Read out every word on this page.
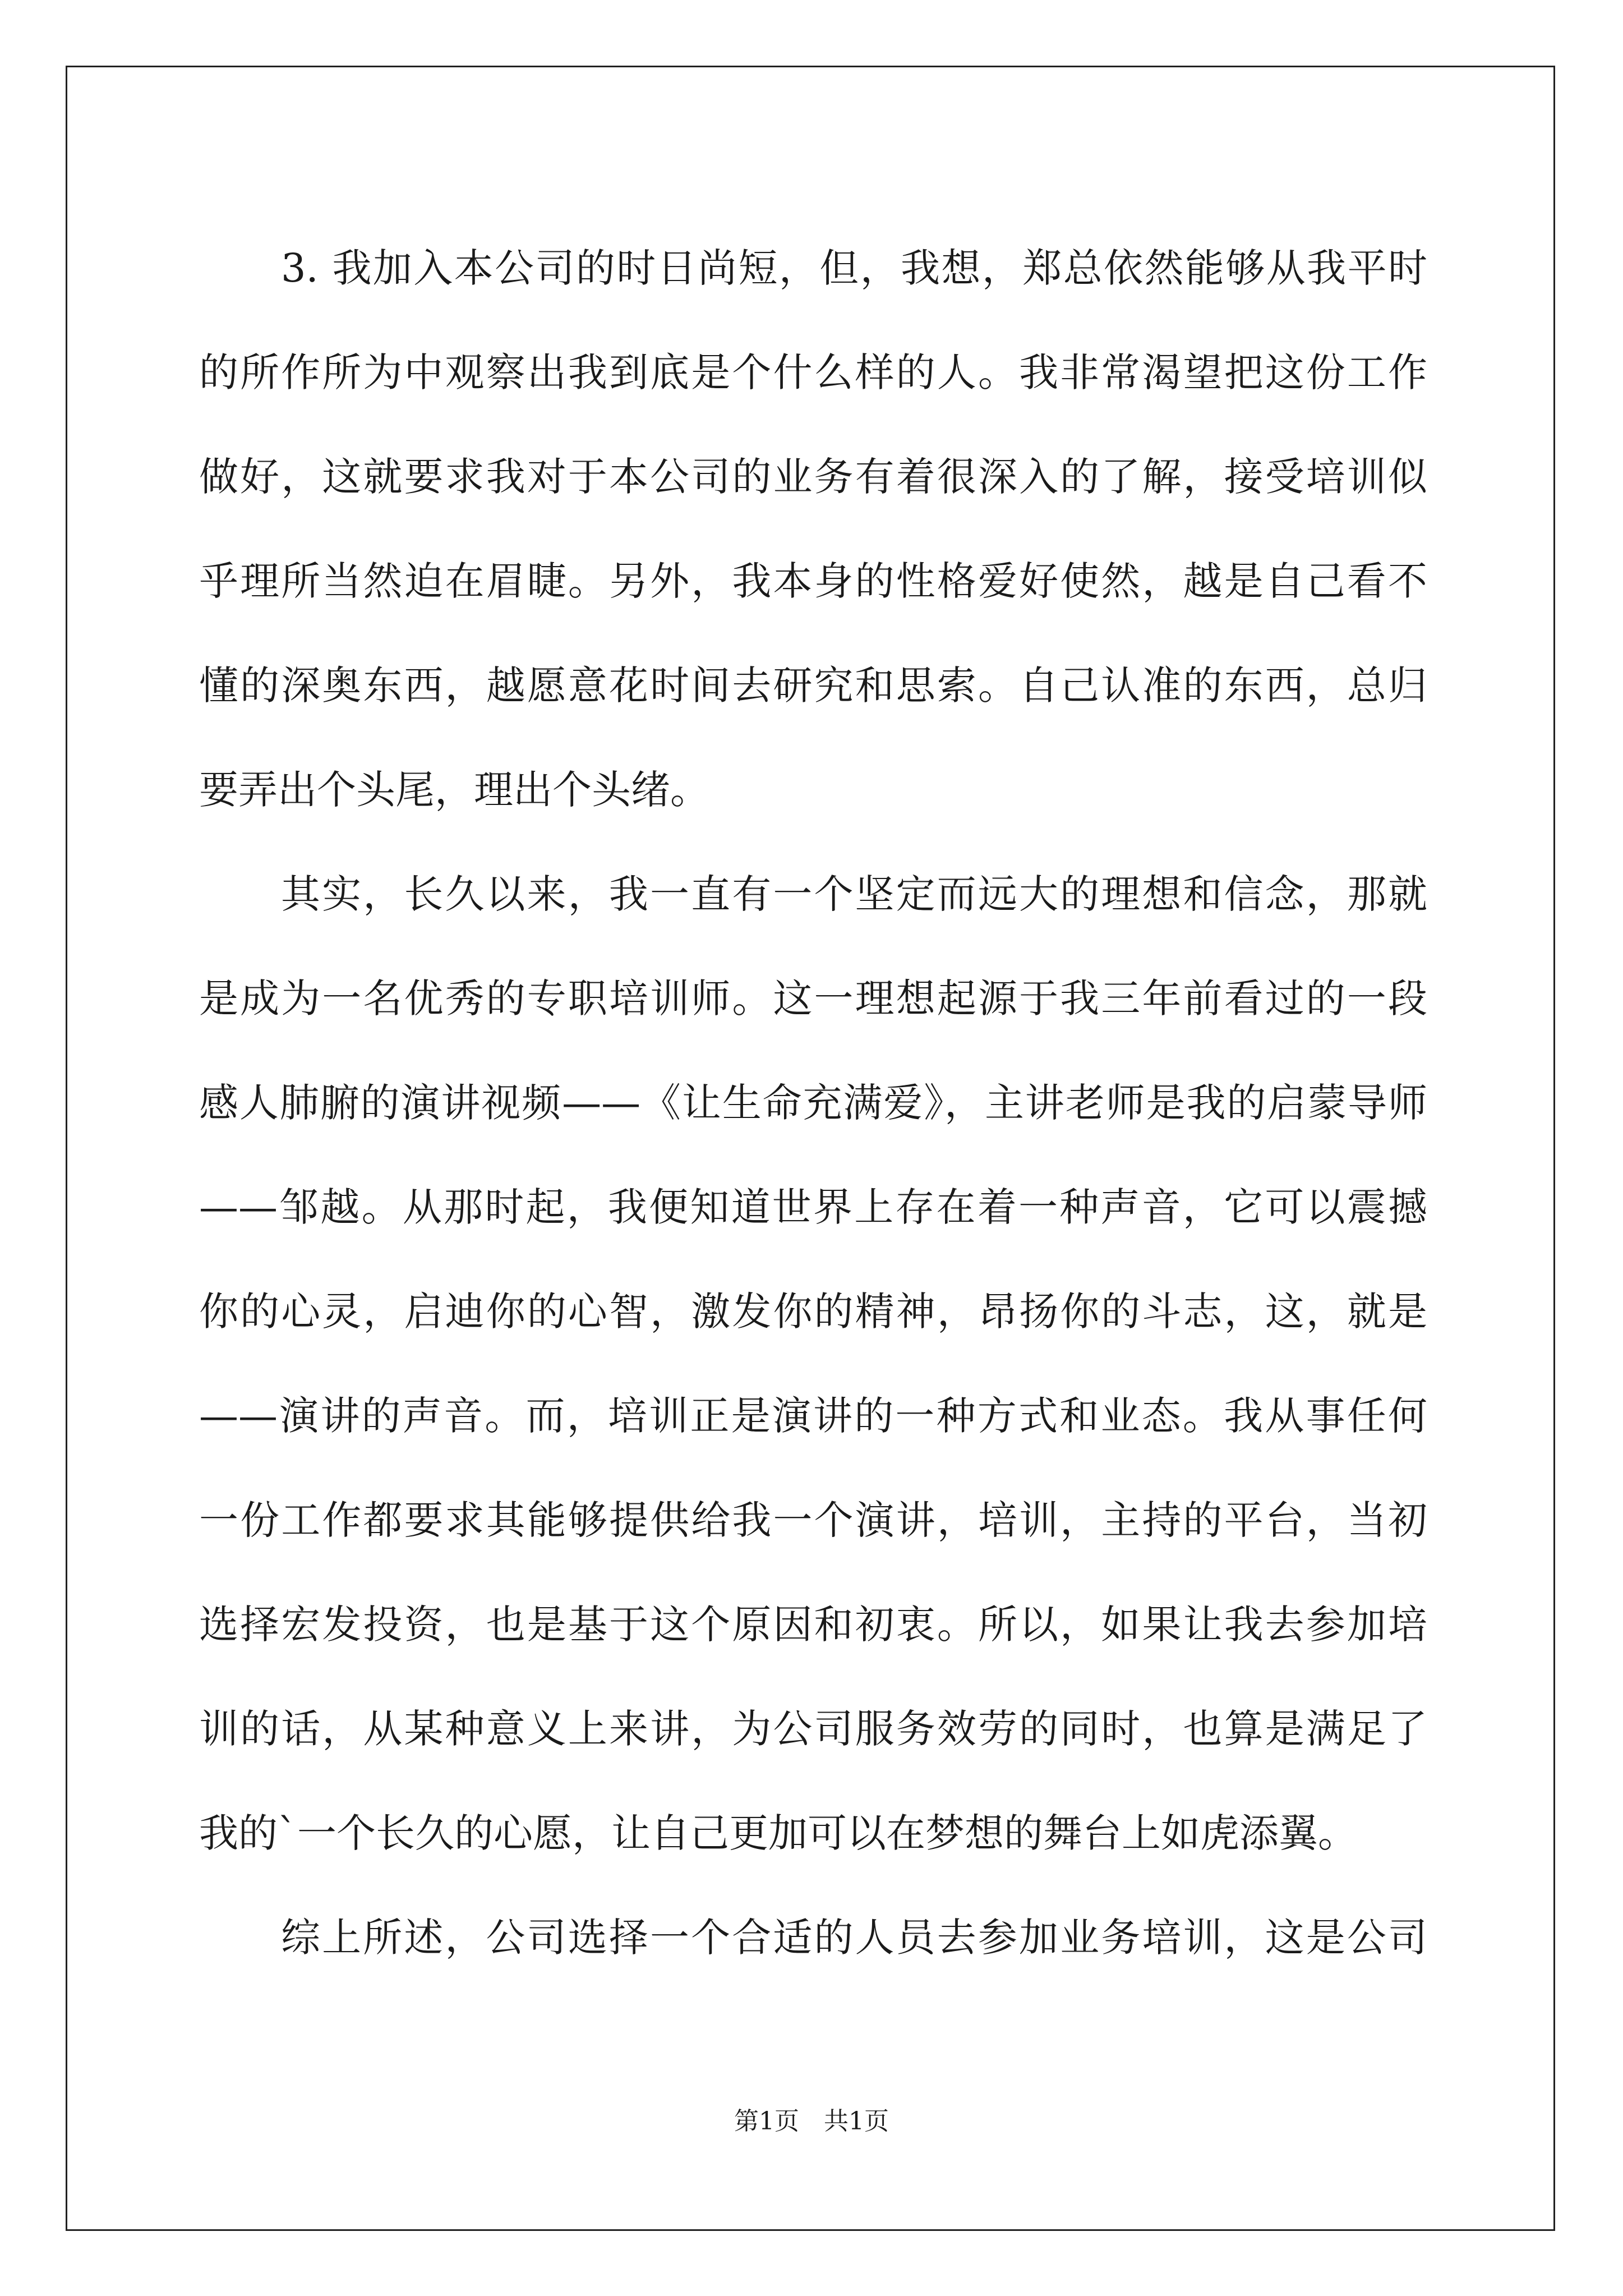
3. 我加入本公司的时日尚短，但，我想，郑总依然能够从我平时
的所作所为中观察出我到底是个什么样的人。我非常渴望把这份工作
做好，这就要求我对于本公司的业务有着很深入的了解，接受培训似
乎理所当然迫在眉睫。另外，我本身的性格爱好使然，越是自己看不
懂的深奥东西，越愿意花时间去研究和思索。自己认准的东西，总归
要弄出个头尾，理出个头绪。
其实，长久以来，我一直有一个坚定而远大的理想和信念，那就
是成为一名优秀的专职培训师。这一理想起源于我三年前看过的一段
感人肺腑的演讲视频——《让生命充满爱》，主讲老师是我的启蒙导师
——邹越。从那时起，我便知道世界上存在着一种声音，它可以震撼
你的心灵，启迪你的心智，激发你的精神，昂扬你的斗志，这，就是
——演讲的声音。而，培训正是演讲的一种方式和业态。我从事任何
一份工作都要求其能够提供给我一个演讲，培训，主持的平台，当初
选择宏发投资，也是基于这个原因和初衷。所以，如果让我去参加培
训的话，从某种意义上来讲，为公司服务效劳的同时，也算是满足了
我的`一个长久的心愿，让自己更加可以在梦想的舞台上如虎添翼。
综上所述，公司选择一个合适的人员去参加业务培训，这是公司
第1页　共1页
